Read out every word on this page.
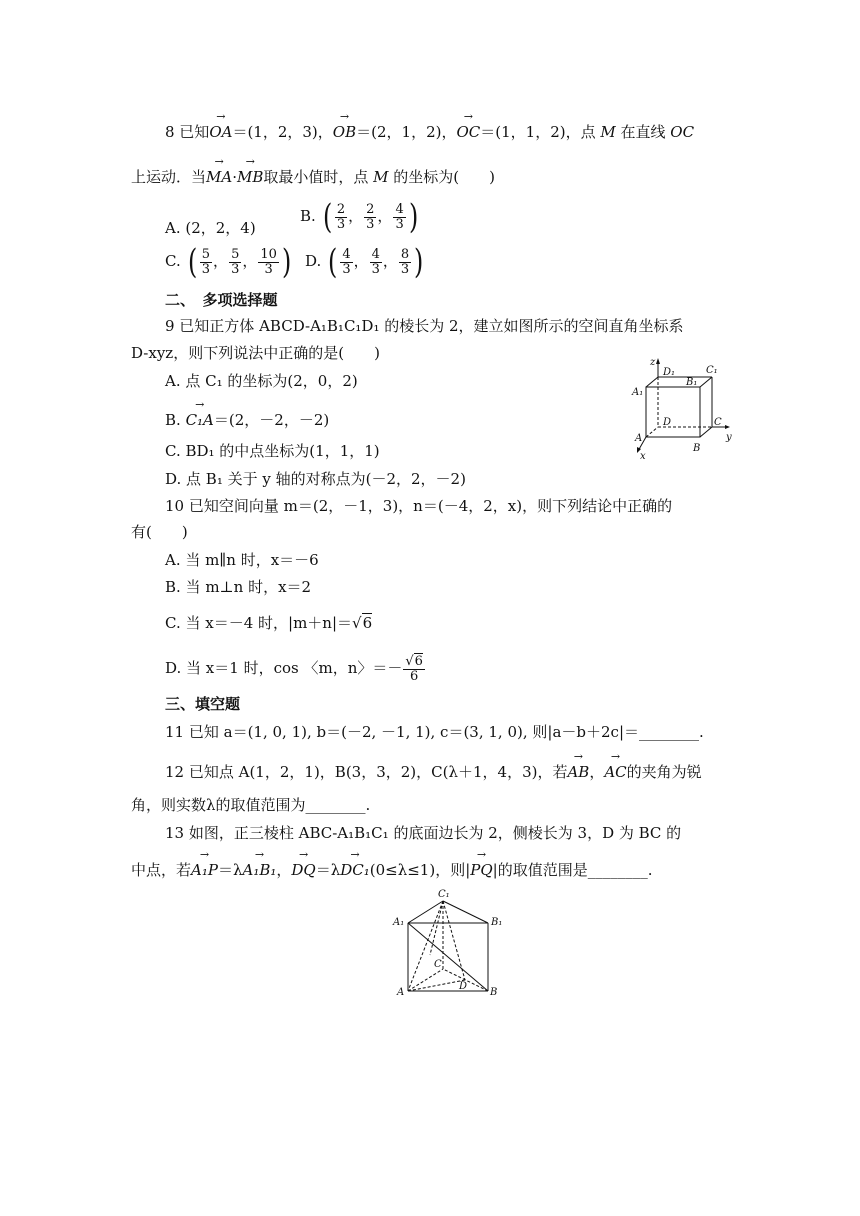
8 已知→ OA＝(1，2，3)，→ OB＝(2，1，2)，→ OC＝(1，1，2)，点 M 在直线 OC
上运动．当→ MA·→ MB取最小值时，点 M 的坐标为(　　)
A. (2，2，4)
B. ( $\frac{2}{3}$ ， $\frac{2}{3}$ ， $\frac{4}{3}$ )
C. ( $\frac{5}{3}$ ， $\frac{5}{3}$ ， $\frac{10}{3}$ ) D. ( $\frac{4}{3}$ ， $\frac{4}{3}$ ， $\frac{8}{3}$ )
二、　多项选择题
9 已知正方体 ABCD-A₁B₁C₁D₁ 的棱长为 2，建立如图所示的空间直角坐标系
D-xyz，则下列说法中正确的是(　　)
A. 点 C₁ 的坐标为(2，0，2)
B. → C₁A＝(2，－2，－2)
C. BD₁ 的中点坐标为(1，1，1)
D. 点 B₁ 关于 y 轴的对称点为(－2，2，－2)
z
y
x
D₁	C₁
A₁
B₁
D	C
A
B
10 已知空间向量 m＝(2，－1，3)，n＝(－4，2，x)，则下列结论中正确的
有(　　)
A. 当 m∥n 时，x＝－6
B. 当 m⊥n 时，x＝2
C. 当 x＝－4 时，|m＋n|＝√6
D. 当 x＝1 时，cos 〈m，n〉＝－ $\frac{√6}{6}$
三、填空题
11 已知 a＝(1, 0, 1), b＝(－2, －1, 1), c＝(3, 1, 0), 则|a－b＋2c|＝________.
12 已知点 A(1，2，1)，B(3，3，2)，C(λ＋1，4，3)，若→ AB，→ AC的夹角为锐
角，则实数λ的取值范围为________.
13 如图，正三棱柱 ABC-A₁B₁C₁ 的底面边长为 2，侧棱长为 3，D 为 BC 的
中点，若→ A₁P＝λ→ A₁B₁，→ DQ＝λ→ DC₁(0≤λ≤1)，则|→ PQ|的取值范围是________.
C₁
A₁	B₁
C
A
D
B
